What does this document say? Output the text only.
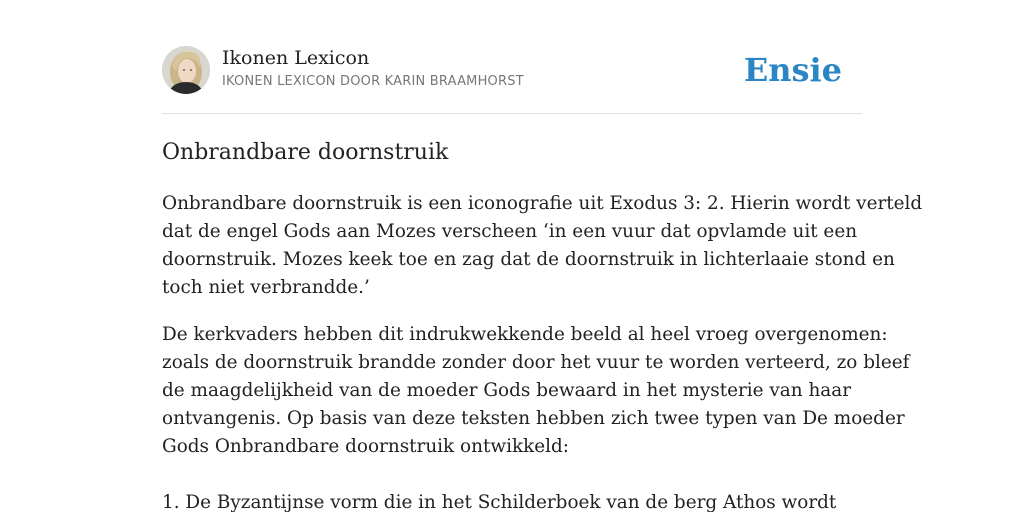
Ikonen Lexicon
IKONEN LEXICON DOOR KARIN BRAAMHORST	Ensie
Onbrandbare doornstruik
Onbrandbare doornstruik is een iconografie uit Exodus 3: 2. Hierin wordt verteld
dat de engel Gods aan Mozes verscheen ‘in een vuur dat opvlamde uit een
doornstruik. Mozes keek toe en zag dat de doornstruik in lichterlaaie stond en
toch niet verbrandde.’
De kerkvaders hebben dit indrukwekkende beeld al heel vroeg overgenomen:
zoals de doornstruik brandde zonder door het vuur te worden verteerd, zo bleef
de maagdelijkheid van de moeder Gods bewaard in het mysterie van haar
ontvangenis. Op basis van deze teksten hebben zich twee typen van De moeder
Gods Onbrandbare doornstruik ontwikkeld:
1. De Byzantijnse vorm die in het Schilderboek van de berg Athos wordt
